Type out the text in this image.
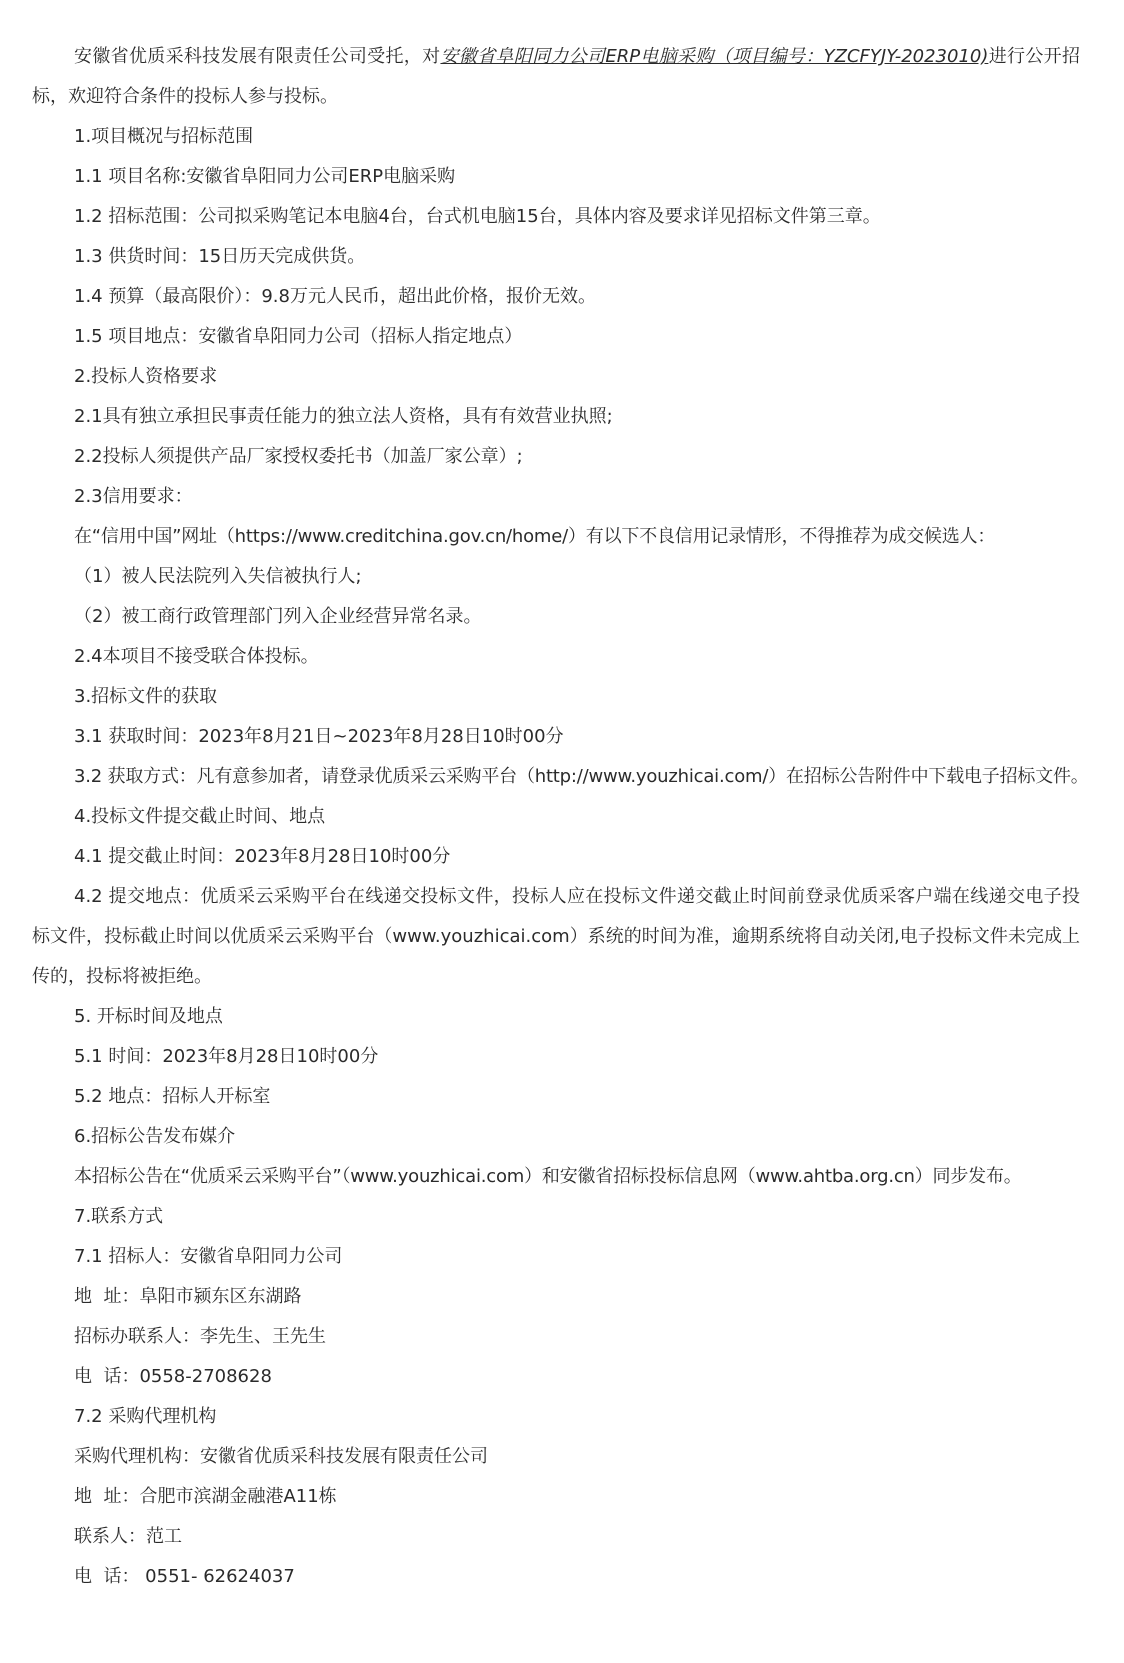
安徽省优质采科技发展有限责任公司受托，对安徽省阜阳同力公司ERP电脑采购（项目编号：YZCFYJY-2023010)进行公开招标，欢迎符合条件的投标人参与投标。

1.项目概况与招标范围

1.1 项目名称:安徽省阜阳同力公司ERP电脑采购

1.2 招标范围：公司拟采购笔记本电脑4台，台式机电脑15台，具体内容及要求详见招标文件第三章。

1.3 供货时间：15日历天完成供货。

1.4 预算（最高限价）：9.8万元人民币，超出此价格，报价无效。

1.5 项目地点：安徽省阜阳同力公司（招标人指定地点）

2.投标人资格要求

2.1具有独立承担民事责任能力的独立法人资格，具有有效营业执照;

2.2投标人须提供产品厂家授权委托书（加盖厂家公章）;

2.3信用要求：

在“信用中国”网址（https://www.creditchina.gov.cn/home/）有以下不良信用记录情形，不得推荐为成交候选人：

（1）被人民法院列入失信被执行人;

（2）被工商行政管理部门列入企业经营异常名录。

2.4本项目不接受联合体投标。

3.招标文件的获取

3.1 获取时间：2023年8月21日~2023年8月28日10时00分

3.2 获取方式：凡有意参加者，请登录优质采云采购平台（http://www.youzhicai.com/）在招标公告附件中下载电子招标文件。

4.投标文件提交截止时间、地点

4.1 提交截止时间：2023年8月28日10时00分

4.2 提交地点：优质采云采购平台在线递交投标文件，投标人应在投标文件递交截止时间前登录优质采客户端在线递交电子投标文件，投标截止时间以优质采云采购平台（www.youzhicai.com）系统的时间为准，逾期系统将自动关闭,电子投标文件未完成上传的，投标将被拒绝。

5. 开标时间及地点

5.1 时间：2023年8月28日10时00分

5.2 地点：招标人开标室

6.招标公告发布媒介

本招标公告在“优质采云采购平台”（www.youzhicai.com）和安徽省招标投标信息网（www.ahtba.org.cn）同步发布。

7.联系方式

7.1 招标人：安徽省阜阳同力公司

地  址：阜阳市颍东区东湖路

招标办联系人：李先生、王先生

电  话：0558-2708628

7.2 采购代理机构

采购代理机构：安徽省优质采科技发展有限责任公司

地  址：合肥市滨湖金融港A11栋

联系人：范工

电  话： 0551- 62624037
